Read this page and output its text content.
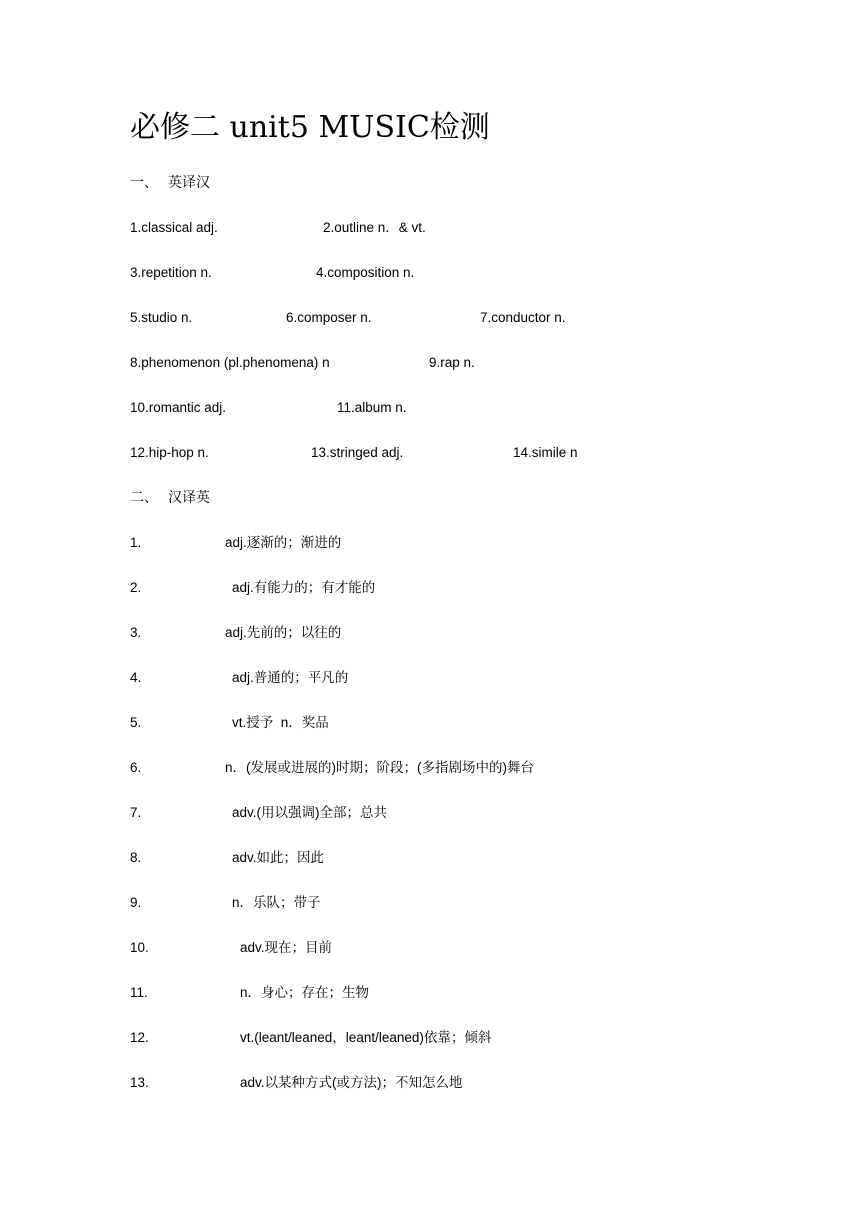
必修二 unit5 MUSIC检测
一、 英译汉
1.classical adj.	2.outline n．& vt.
3.repetition n.	4.composition n.
5.studio n.	6.composer n.	7.conductor n.
8.phenomenon (pl.phenomena) n	9.rap n.
10.romantic adj.	11.album n.
12.hip-hop n.	13.stringed adj.	14.simile n
二、 汉译英
1.	adj.逐渐的；渐进的
2.	adj.有能力的；有才能的
3.	adj.先前的；以往的
4.	adj.普通的；平凡的
5.	vt.授予  n．奖品
6.	n．(发展或进展的)时期；阶段；(多指剧场中的)舞台
7.	adv.(用以强调)全部；总共
8.	adv.如此；因此
9.	n．乐队；带子
10.	adv.现在；目前
11.	n．身心；存在；生物
12.	vt.(leant/leaned，leant/leaned)依靠；倾斜
13.	adv.以某种方式(或方法)；不知怎么地
